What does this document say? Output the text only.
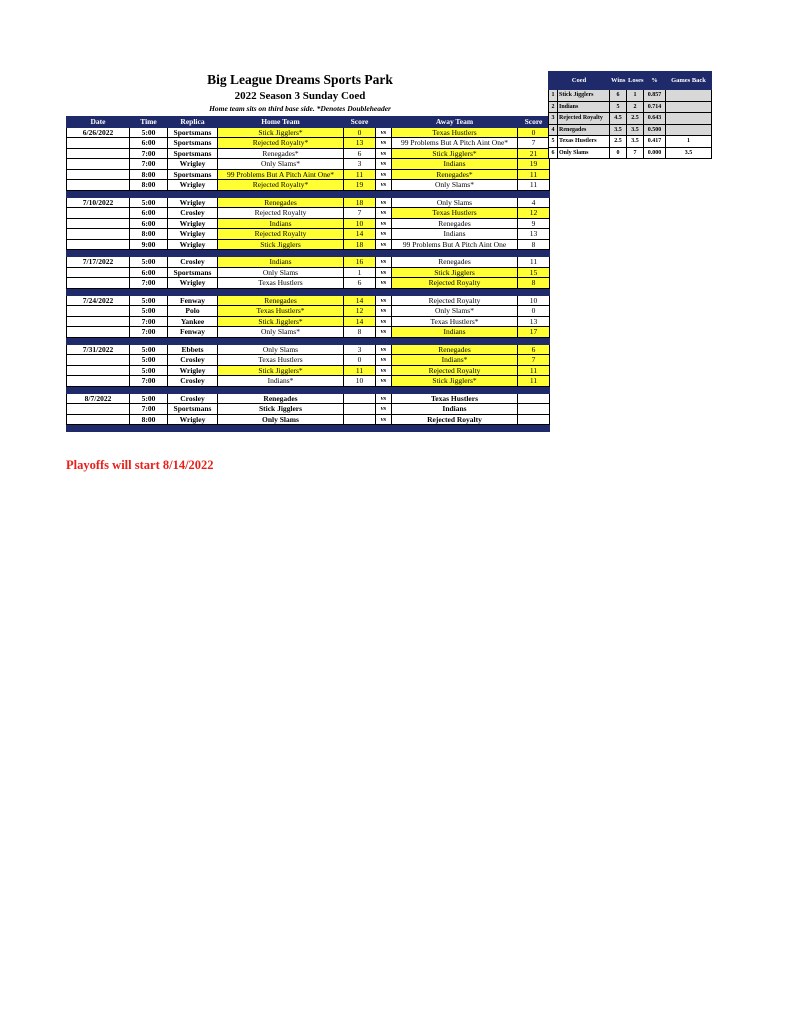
Big League Dreams Sports Park
2022 Season 3 Sunday Coed
Home team sits on third base side. *Denotes Doubleheader
Date	Time	Replica	Home Team	Score		Away Team	Score
6/26/2022	5:00	Sportsmans	Stick Jigglers*	0	vs	Texas Hustlers	0
	6:00	Sportsmans	Rejected Royalty*	13	vs	99 Problems But A Pitch Aint One*	7
	7:00	Sportsmans	Renegades*	6	vs	Stick Jigglers*	21
	7:00	Wrigley	Only Slams*	3	vs	Indians	19
	8:00	Sportsmans	99 Problems But A Pitch Aint One*	11	vs	Renegades*	11
	8:00	Wrigley	Rejected Royalty*	19	vs	Only Slams*	11

7/10/2022	5:00	Wrigley	Renegades	18	vs	Only Slams	4
	6:00	Crosley	Rejected Royalty	7	vs	Texas Hustlers	12
	6:00	Wrigley	Indians	10	vs	Renegades	9
	8:00	Wrigley	Rejected Royalty	14	vs	Indians	13
	9:00	Wrigley	Stick Jigglers	18	vs	99 Problems But A Pitch Aint One	8

7/17/2022	5:00	Crosley	Indians	16	vs	Renegades	11
	6:00	Sportsmans	Only Slams	1	vs	Stick Jigglers	15
	7:00	Wrigley	Texas Hustlers	6	vs	Rejected Royalty	8

7/24/2022	5:00	Fenway	Renegades	14	vs	Rejected Royalty	10
	5:00	Polo	Texas Hustlers*	12	vs	Only Slams*	0
	7:00	Yankee	Stick Jigglers*	14	vs	Texas Hustlers*	13
	7:00	Fenway	Only Slams*	8	vs	Indians	17

7/31/2022	5:00	Ebbets	Only Slams	3	vs	Renegades	6
	5:00	Crosley	Texas Hustlers	0	vs	Indians*	7
	5:00	Wrigley	Stick Jigglers*	11	vs	Rejected Royalty	11
	7:00	Crosley	Indians*	10	vs	Stick Jigglers*	11

8/7/2022	5:00	Crosley	Renegades		vs	Texas Hustlers	
	7:00	Sportsmans	Stick Jigglers		vs	Indians	
	8:00	Wrigley	Only Slams		vs	Rejected Royalty	

Playoffs will start 8/14/2022
Coed		Wins	Loses	%	Games Back
1	Stick Jigglers	6	1	0.857	
2	Indians	5	2	0.714	
3	Rejected Royalty	4.5	2.5	0.643	
4	Renegades	3.5	3.5	0.500	
5	Texas Hustlers	2.5	3.5	0.417	1
6	Only Slams	0	7	0.000	3.5
